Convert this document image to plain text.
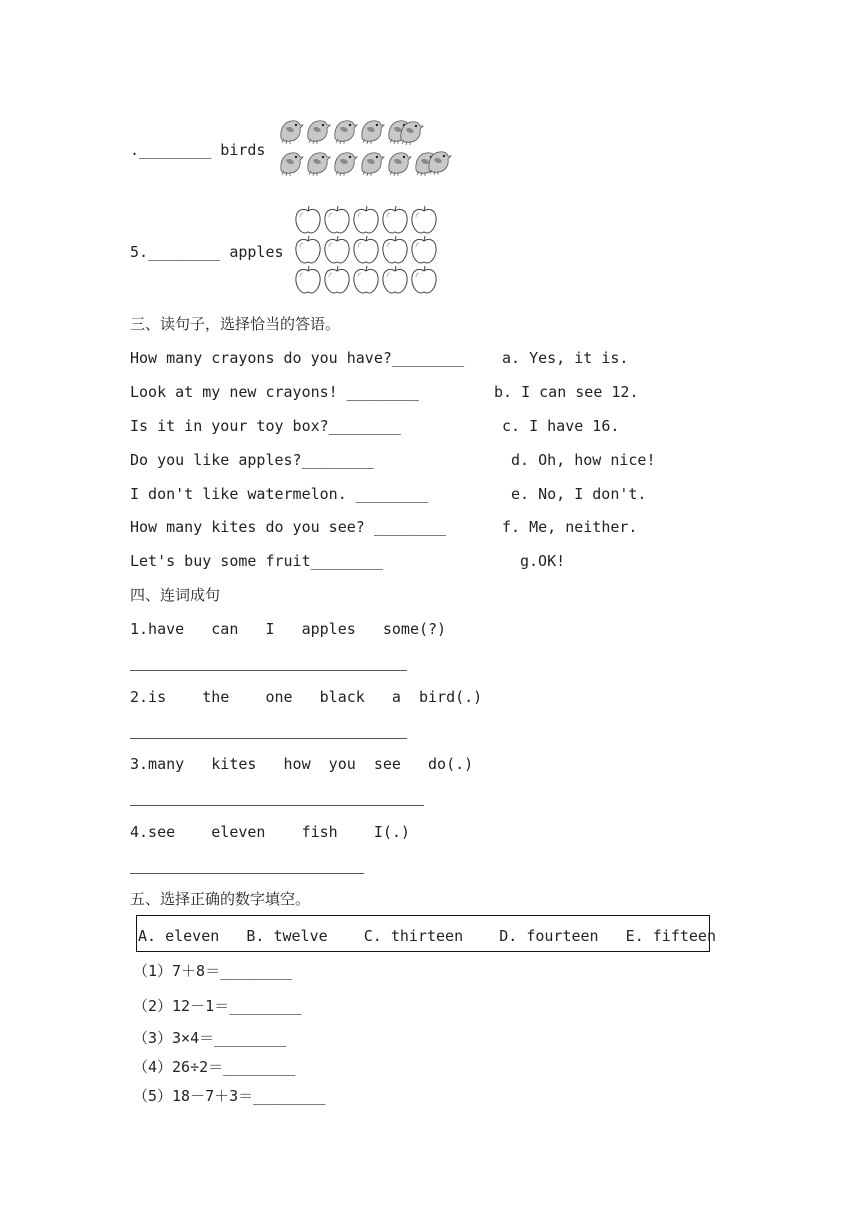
.________ birds
5.________ apples
三、读句子，选择恰当的答语。
How many crayons do you have?________
Look at my new crayons! ________
Is it in your toy box?________
Do you like apples?________
I don't like watermelon. ________
How many kites do you see? ________
Let's buy some fruit________
a. Yes, it is.
b. I can see 12.
c. I have 16.
d. Oh, how nice!
e. No, I don't.
f. Me, neither.
g.OK!
四、连词成句
1.have   can   I   apples   some(?)
2.is    the    one   black   a  bird(.)
3.many   kites   how  you  see   do(.)
4.see    eleven    fish    I(.)
五、选择正确的数字填空。
A. eleven   B. twelve    C. thirteen    D. fourteen   E. fifteen
（1）7＋8＝________
（2）12－1＝________
（3）3×4＝________
（4）26÷2＝________
（5）18－7＋3＝________
